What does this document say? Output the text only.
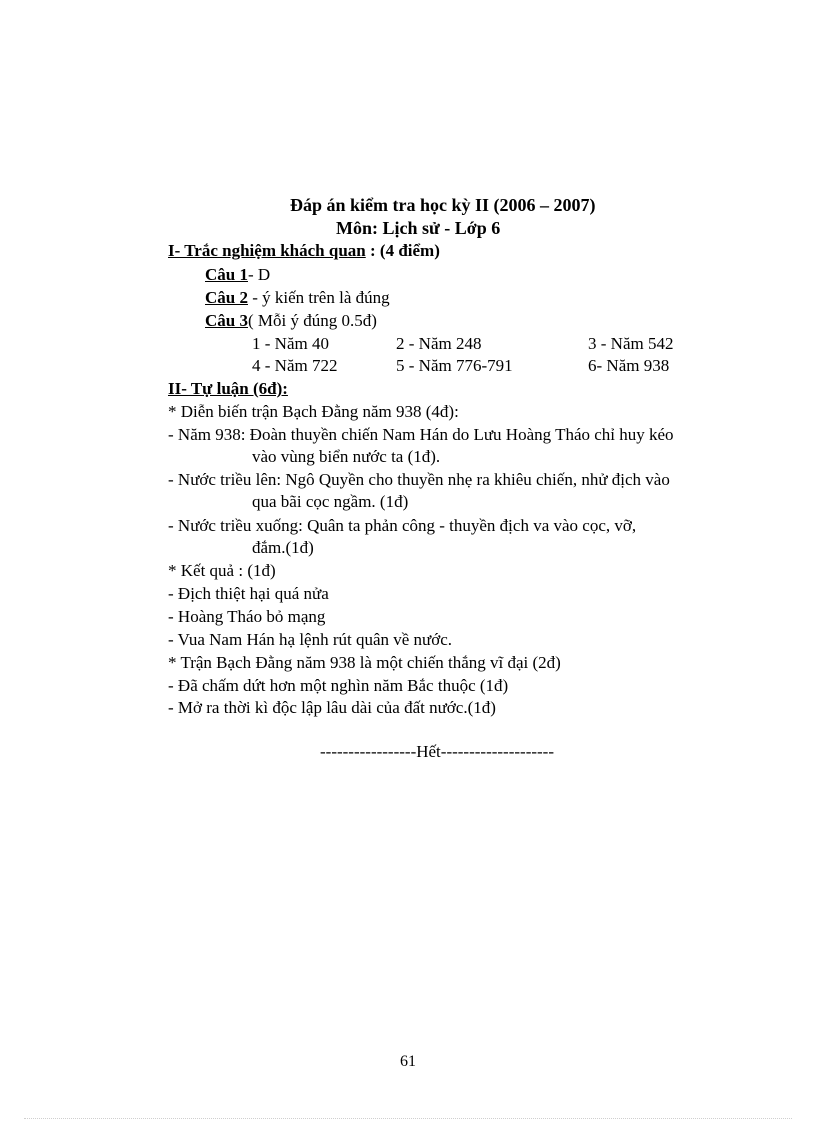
Đáp án kiểm tra học kỳ II (2006 – 2007)
Môn: Lịch sử - Lớp 6
I- Trắc nghiệm khách quan : (4 điểm)
Câu 1- D
Câu 2 - ý kiến trên là đúng
Câu 3( Mỗi ý đúng 0.5đ)
1 - Năm 40	2 - Năm 248	3 - Năm 542
4 - Năm 722	5 - Năm 776-791	6- Năm 938
II- Tự luận (6đ):
* Diễn biến trận Bạch Đằng năm 938 (4đ):
- Năm 938: Đoàn thuyền chiến Nam Hán do Lưu Hoàng Tháo chỉ huy kéo
vào vùng biển nước ta (1đ).
- Nước triều lên: Ngô Quyền cho thuyền nhẹ ra khiêu chiến, nhử địch vào
qua bãi cọc ngầm. (1đ)
- Nước triều xuống: Quân ta phản công - thuyền địch va vào cọc, vỡ,
đắm.(1đ)
* Kết quả : (1đ)
- Địch thiệt hại quá nửa
- Hoàng Tháo bỏ mạng
- Vua Nam Hán hạ lệnh rút quân về nước.
* Trận Bạch Đằng năm 938 là một chiến thắng vĩ đại (2đ)
- Đã chấm dứt hơn một nghìn năm Bắc thuộc (1đ)
- Mở ra thời kì độc lập lâu dài của đất nước.(1đ)
-----------------Hết--------------------
61
